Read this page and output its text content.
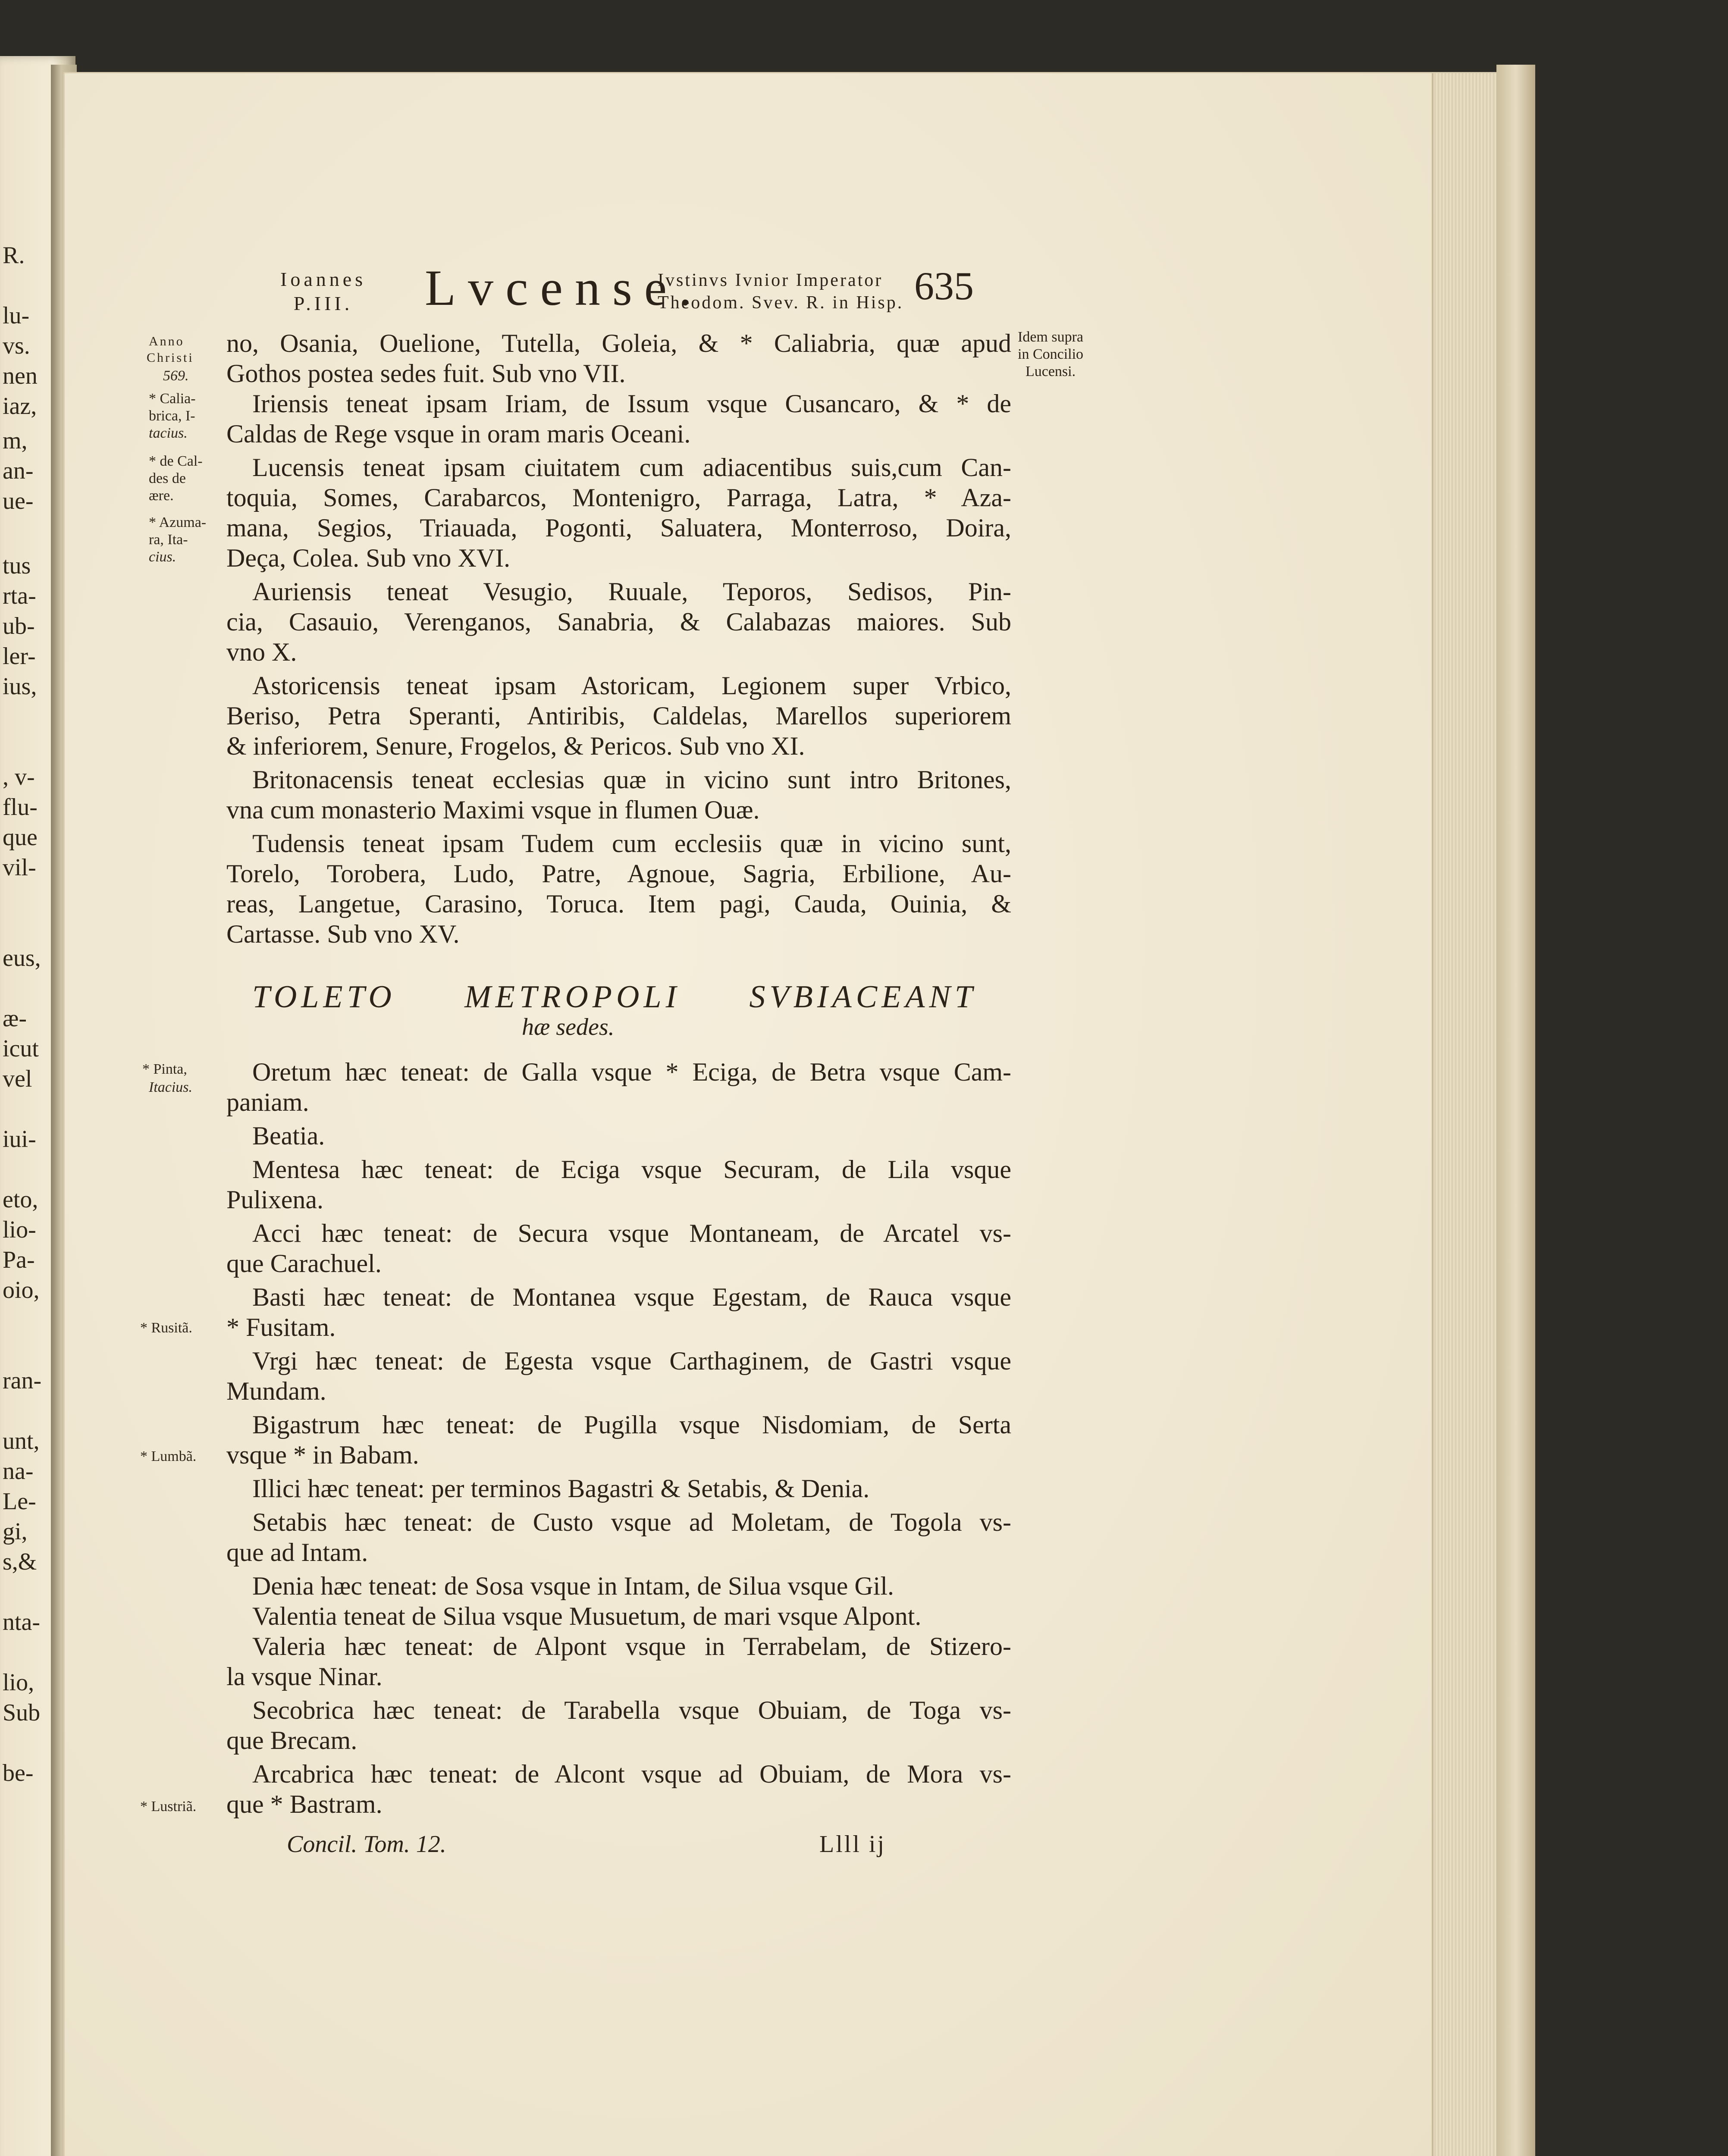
R.
lu-
vs.
nen
iaz,
m,
an-
ue-
tus
rta-
ub-
ler-
ius,
, v-
flu-
que
vil-
eus,
æ-
icut
vel
iui-
eto,
lio-
Pa-
oio,
ran-
unt,
na-
Le-
gi,
s,&
nta-
lio,
Sub
be-
Ioannes
P.III. Lvcense.
Ivstinvs Ivnior Imperator
Theodom. Svev. R. in Hisp. 635
Idem supra
in Concilio
Lucensi.
Anno
Christi
569.
* Calia-
brica, I-
tacius.
* de Cal-
des de
ære.
* Azuma-
ra, Ita-
cius.
* Pinta,
Itacius.
* Rusitã.
* Lumbã.
* Lustriã.
no, Osania, Ouelione, Tutella, Goleia, & * Caliabria, quæ apud
Gothos postea sedes fuit. Sub vno VII.
Iriensis teneat ipsam Iriam, de Issum vsque Cusancaro, & * de
Caldas de Rege vsque in oram maris Oceani.
Lucensis teneat ipsam ciuitatem cum adiacentibus suis,cum Can-
toquia, Somes, Carabarcos, Montenigro, Parraga, Latra, * Aza-
mana, Segios, Triauada, Pogonti, Saluatera, Monterroso, Doira,
Deça, Colea. Sub vno XVI.
Auriensis teneat Vesugio, Ruuale, Teporos, Sedisos, Pin-
cia, Casauio, Verenganos, Sanabria, & Calabazas maiores. Sub
vno X.
Astoricensis teneat ipsam Astoricam, Legionem super Vrbico,
Beriso, Petra Speranti, Antiribis, Caldelas, Marellos superiorem
& inferiorem, Senure, Frogelos, & Pericos. Sub vno XI.
Britonacensis teneat ecclesias quæ in vicino sunt intro Britones,
vna cum monasterio Maximi vsque in flumen Ouæ.
Tudensis teneat ipsam Tudem cum ecclesiis quæ in vicino sunt,
Torelo, Torobera, Ludo, Patre, Agnoue, Sagria, Erbilione, Au-
reas, Langetue, Carasino, Toruca. Item pagi, Cauda, Ouinia, &
Cartasse. Sub vno XV.
TOLETO METROPOLI SVBIACEANT
hæ sedes.
Oretum hæc teneat: de Galla vsque * Eciga, de Betra vsque Cam-
paniam.
Beatia.
Mentesa hæc teneat: de Eciga vsque Securam, de Lila vsque
Pulixena.
Acci hæc teneat: de Secura vsque Montaneam, de Arcatel vs-
que Carachuel.
Basti hæc teneat: de Montanea vsque Egestam, de Rauca vsque
* Fusitam.
Vrgi hæc teneat: de Egesta vsque Carthaginem, de Gastri vsque
Mundam.
Bigastrum hæc teneat: de Pugilla vsque Nisdomiam, de Serta
vsque * in Babam.
Illici hæc teneat: per terminos Bagastri & Setabis, & Denia.
Setabis hæc teneat: de Custo vsque ad Moletam, de Togola vs-
que ad Intam.
Denia hæc teneat: de Sosa vsque in Intam, de Silua vsque Gil.
Valentia teneat de Silua vsque Musuetum, de mari vsque Alpont.
Valeria hæc teneat: de Alpont vsque in Terrabelam, de Stizero-
la vsque Ninar.
Secobrica hæc teneat: de Tarabella vsque Obuiam, de Toga vs-
que Brecam.
Arcabrica hæc teneat: de Alcont vsque ad Obuiam, de Mora vs-
que * Bastram.
Concil. Tom. 12.	Llll ij
